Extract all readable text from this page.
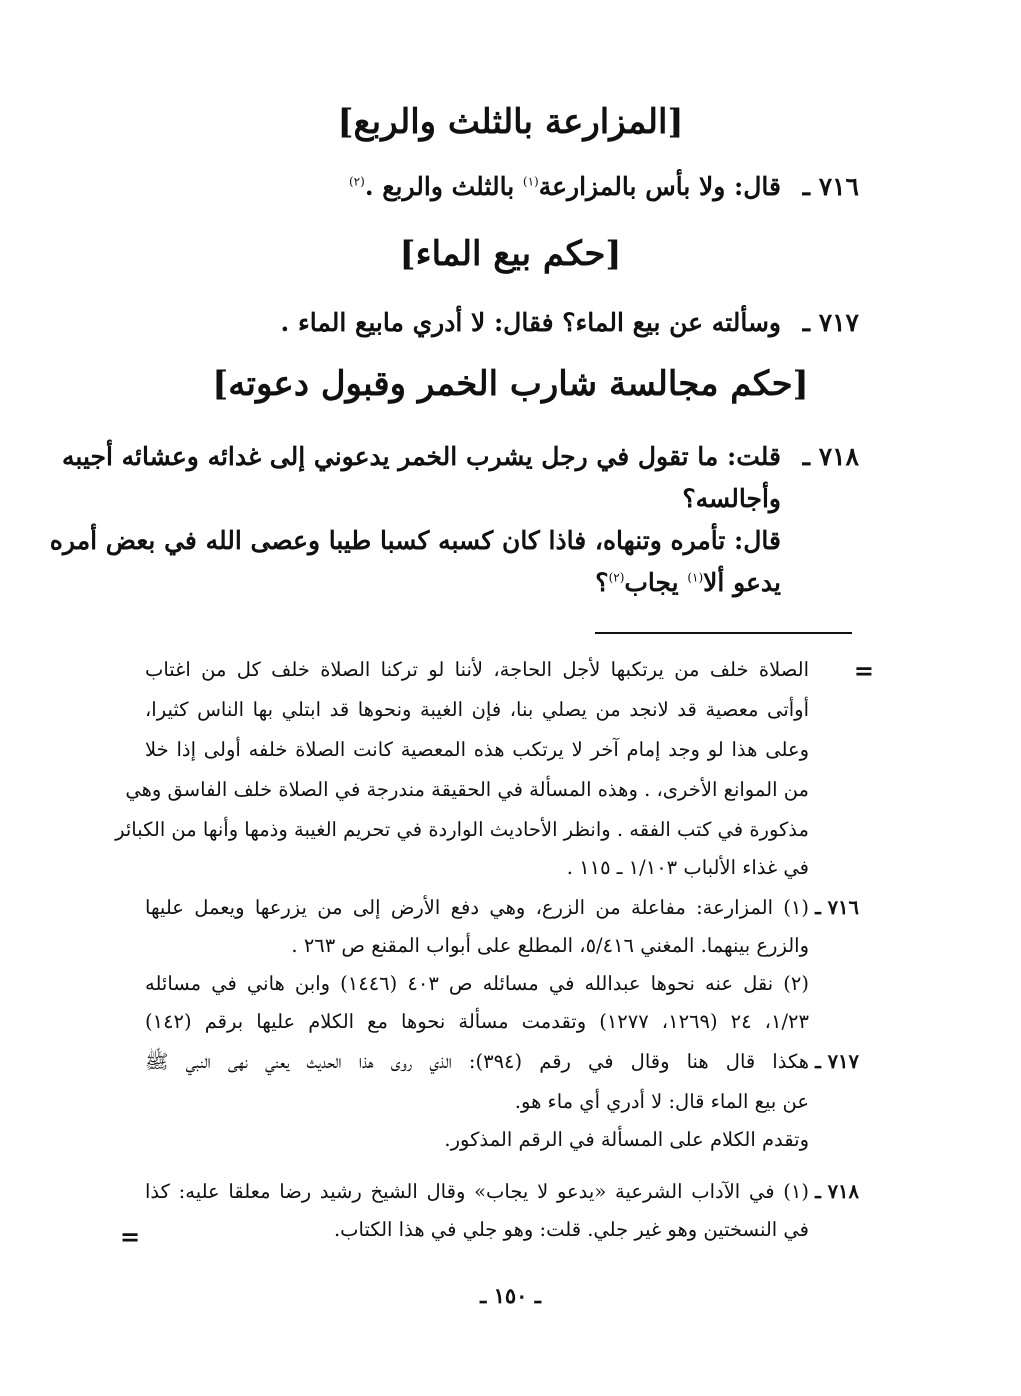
[المزارعة بالثلث والربع]
٧١٦ ـ
قال: ولا بأس بالمزارعة$^{(١)}$ بالثلث والربع .$^{(٢)}$
[حكم بيع الماء]
٧١٧ ـ
وسألته عن بيع الماء؟ فقال: لا أدري مابيع الماء .
[حكم مجالسة شارب الخمر وقبول دعوته]
٧١٨ ـ
قلت: ما تقول في رجل يشرب الخمر يدعوني إلى غدائه وعشائه أجيبه
وأجالسه؟
قال: تأمره وتنهاه، فاذا كان كسبه كسبا طيبا وعصى الله في بعض أمره
يدعو ألا$^{(١)}$ يجاب$^{(٢)}$؟
=
الصلاة خلف من يرتكبها لأجل الحاجة، لأننا لو تركنا الصلاة خلف كل من اغتاب
أوأتى معصية قد لانجد من يصلي بنا، فإن الغيبة ونحوها قد ابتلي بها الناس كثيرا،
وعلى هذا لو وجد إمام آخر لا يرتكب هذه المعصية كانت الصلاة خلفه أولى إذا خلا
من الموانع الأخرى، . وهذه المسألة في الحقيقة مندرجة في الصلاة خلف الفاسق وهي
مذكورة في كتب الفقه . وانظر الأحاديث الواردة في تحريم الغيبة وذمها وأنها من الكبائر
في غذاء الألباب ١/١٠٣ ـ ١١٥ .
٧١٦ ـ
(١) المزارعة: مفاعلة من الزرع، وهي دفع الأرض إلى من يزرعها ويعمل عليها
والزرع بينهما. المغني ٥/٤١٦، المطلع على أبواب المقنع ص ٢٦٣ .
(٢) نقل عنه نحوها عبدالله في مسائله ص ٤٠٣ (١٤٤٦) وابن هاني في مسائله
١/٢٣، ٢٤ (١٢٦٩، ١٢٧٧) وتقدمت مسألة نحوها مع الكلام عليها برقم (١٤٢)
٧١٧ ـ
هكذا قال هنا وقال في رقم (٣٩٤): الذي روى هذا الحديث يعني نهى النبي ﷺ
عن بيع الماء قال: لا أدري أي ماء هو.
وتقدم الكلام على المسألة في الرقم المذكور.
٧١٨ ـ
(١) في الآداب الشرعية «يدعو لا يجاب» وقال الشيخ رشيد رضا معلقا عليه: كذا
في النسختين وهو غير جلي. قلت: وهو جلي في هذا الكتاب.
=
ـ ١٥٠ ـ
